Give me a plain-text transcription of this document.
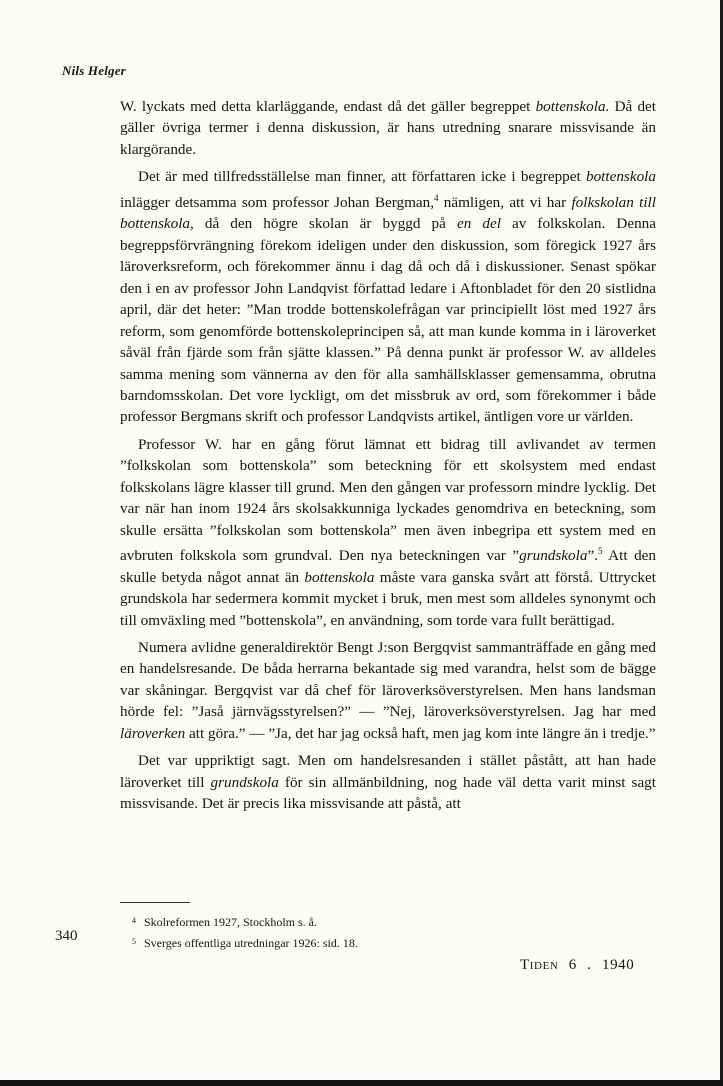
Nils Helger

W. lyckats med detta klarläggande, endast då det gäller begreppet bottenskola. Då det gäller övriga termer i denna diskussion, är hans utredning snarare missvisande än klargörande.

Det är med tillfredsställelse man finner, att författaren icke i begreppet bottenskola inlägger detsamma som professor Johan Bergman,$^4$ nämligen, att vi har folkskolan till bottenskola, då den högre skolan är byggd på en del av folkskolan. Denna begreppsförvrängning förekom ideligen under den diskussion, som föregick 1927 års läroverksreform, och förekommer ännu i dag då och då i diskussioner. Senast spökar den i en av professor John Landqvist författad ledare i Aftonbladet för den 20 sistlidna april, där det heter: ”Man trodde bottenskolefrågan var principiellt löst med 1927 års reform, som genomförde bottenskoleprincipen så, att man kunde komma in i läroverket såväl från fjärde som från sjätte klassen.” På denna punkt är professor W. av alldeles samma mening som vännerna av den för alla samhällsklasser gemensamma, obrutna barndomsskolan. Det vore lyckligt, om det missbruk av ord, som förekommer i både professor Bergmans skrift och professor Landqvists artikel, äntligen vore ur världen.

Professor W. har en gång förut lämnat ett bidrag till avlivandet av termen ”folkskolan som bottenskola” som beteckning för ett skolsystem med endast folkskolans lägre klasser till grund. Men den gången var professorn mindre lycklig. Det var när han inom 1924 års skolsakkunniga lyckades genomdriva en beteckning, som skulle ersätta ”folkskolan som bottenskola” men även inbegripa ett system med en avbruten folkskola som grundval. Den nya beteckningen var ”grundskola”.$^5$ Att den skulle betyda något annat än bottenskola måste vara ganska svårt att förstå. Uttrycket grundskola har sedermera kommit mycket i bruk, men mest som alldeles synonymt och till omväxling med ”bottenskola”, en användning, som torde vara fullt berättigad.

Numera avlidne generaldirektör Bengt J:son Bergqvist sammanträffade en gång med en handelsresande. De båda herrarna bekantade sig med varandra, helst som de bägge var skåningar. Bergqvist var då chef för läroverksöverstyrelsen. Men hans landsman hörde fel: ”Jaså järnvägsstyrelsen?” — ”Nej, läroverksöverstyrelsen. Jag har med läroverken att göra.” — ”Ja, det har jag också haft, men jag kom inte längre än i tredje.”

Det var uppriktigt sagt. Men om handelsresanden i stället påstått, att han hade läroverket till grundskola för sin allmänbildning, nog hade väl detta varit minst sagt missvisande. Det är precis lika missvisande att påstå, att

$^4$ Skolreformen 1927, Stockholm s. å.
$^5$ Sverges offentliga utredningar 1926: sid. 18.
340
Tiden 6 . 1940
